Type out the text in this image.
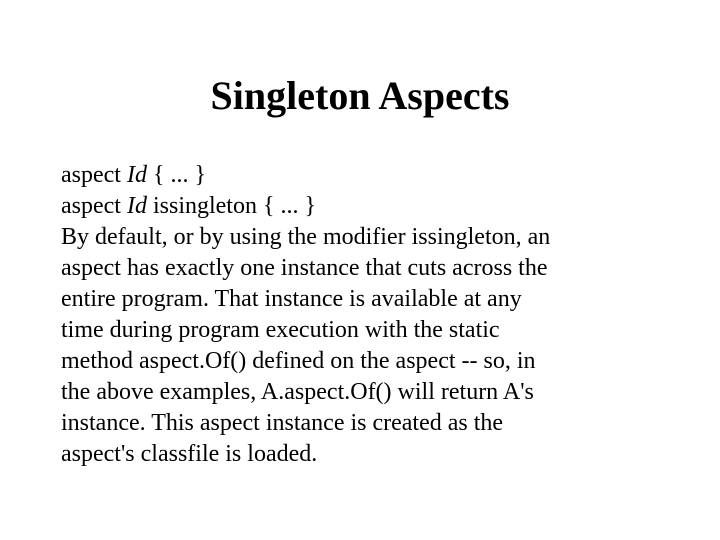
Singleton Aspects
aspect Id { ... }
aspect Id issingleton { ... }
By default, or by using the modifier issingleton, an
aspect has exactly one instance that cuts across the
entire program. That instance is available at any
time during program execution with the static
method aspect.Of() defined on the aspect -- so, in
the above examples, A.aspect.Of() will return A's
instance. This aspect instance is created as the
aspect's classfile is loaded.
